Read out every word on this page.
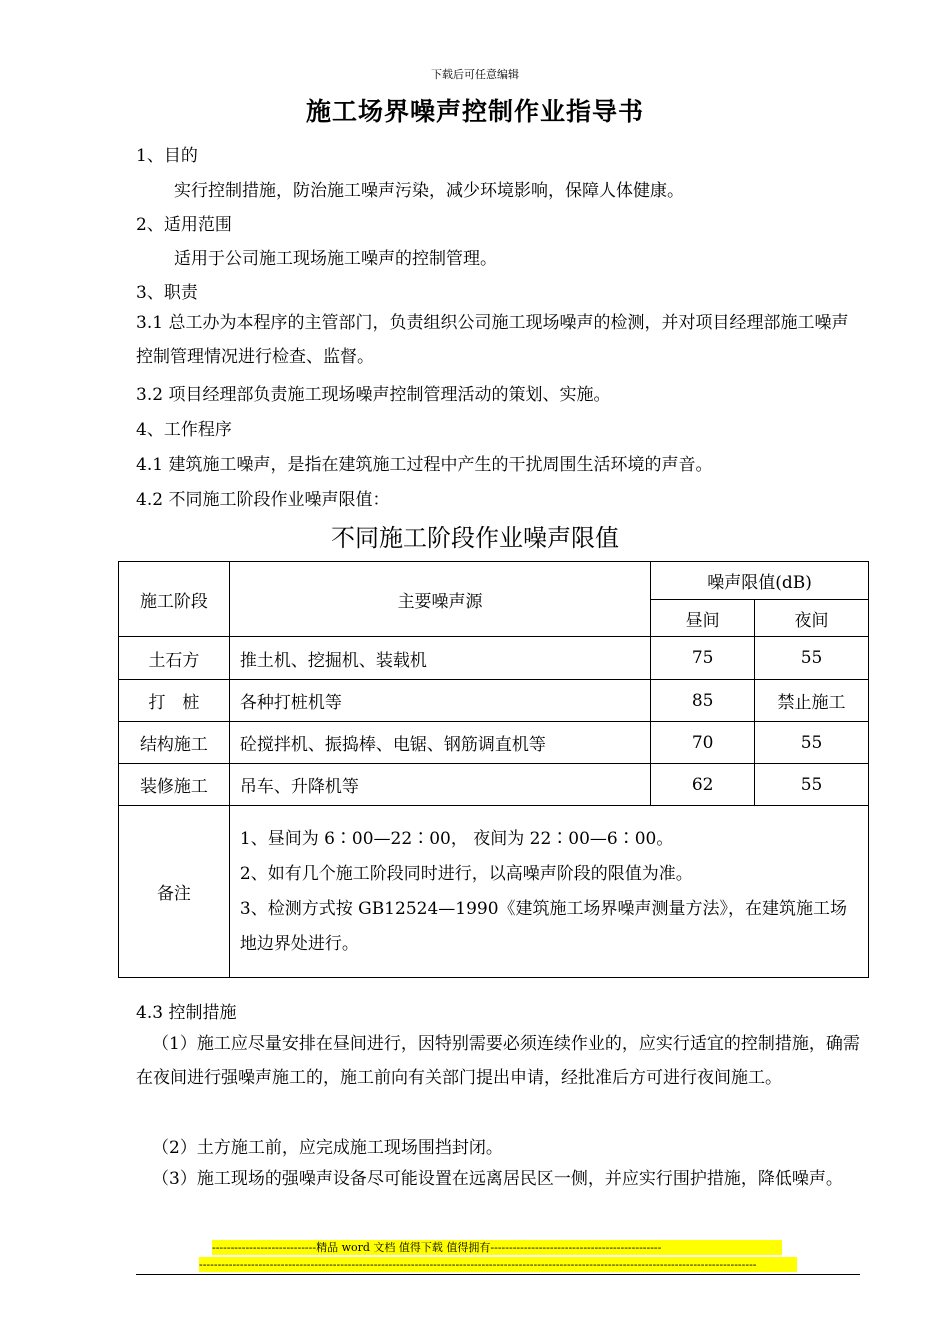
下载后可任意编辑
施工场界噪声控制作业指导书
1、目的
实行控制措施，防治施工噪声污染，减少环境影响，保障人体健康。
2、适用范围
适用于公司施工现场施工噪声的控制管理。
3、职责
3.1 总工办为本程序的主管部门，负责组织公司施工现场噪声的检测，并对项目经理部施工噪声控制管理情况进行检查、监督。
3.2 项目经理部负责施工现场噪声控制管理活动的策划、实施。
4、工作程序
4.1 建筑施工噪声，是指在建筑施工过程中产生的干扰周围生活环境的声音。
4.2 不同施工阶段作业噪声限值：
不同施工阶段作业噪声限值
施工阶段	主要噪声源	噪声限值(dB)	
		昼间	夜间
土石方	推土机、挖掘机、装载机	75	55
打　桩	各种打桩机等	85	禁止施工
结构施工	砼搅拌机、振捣棒、电锯、钢筋调直机等	70	55
装修施工	吊车、升降机等	62	55
备注	1、昼间为 6∶00—22∶00， 夜间为 22∶00—6∶00。
2、如有几个施工阶段同时进行，以高噪声阶段的限值为准。
3、检测方式按 GB12524—1990《建筑施工场界噪声测量方法》，在建筑施工场地边界处进行。		
4.3 控制措施
（1）施工应尽量安排在昼间进行，因特别需要必须连续作业的，应实行适宜的控制措施，确需在夜间进行强噪声施工的，施工前向有关部门提出申请，经批准后方可进行夜间施工。
（2）土方施工前，应完成施工现场围挡封闭。
（3）施工现场的强噪声设备尽可能设置在远离居民区一侧，并应实行围护措施，降低噪声。
----------------------------精品 word 文档 值得下载 值得拥有----------------------------------------------
------------------------------------------------------------------------------------------------------------------------------------------------------
